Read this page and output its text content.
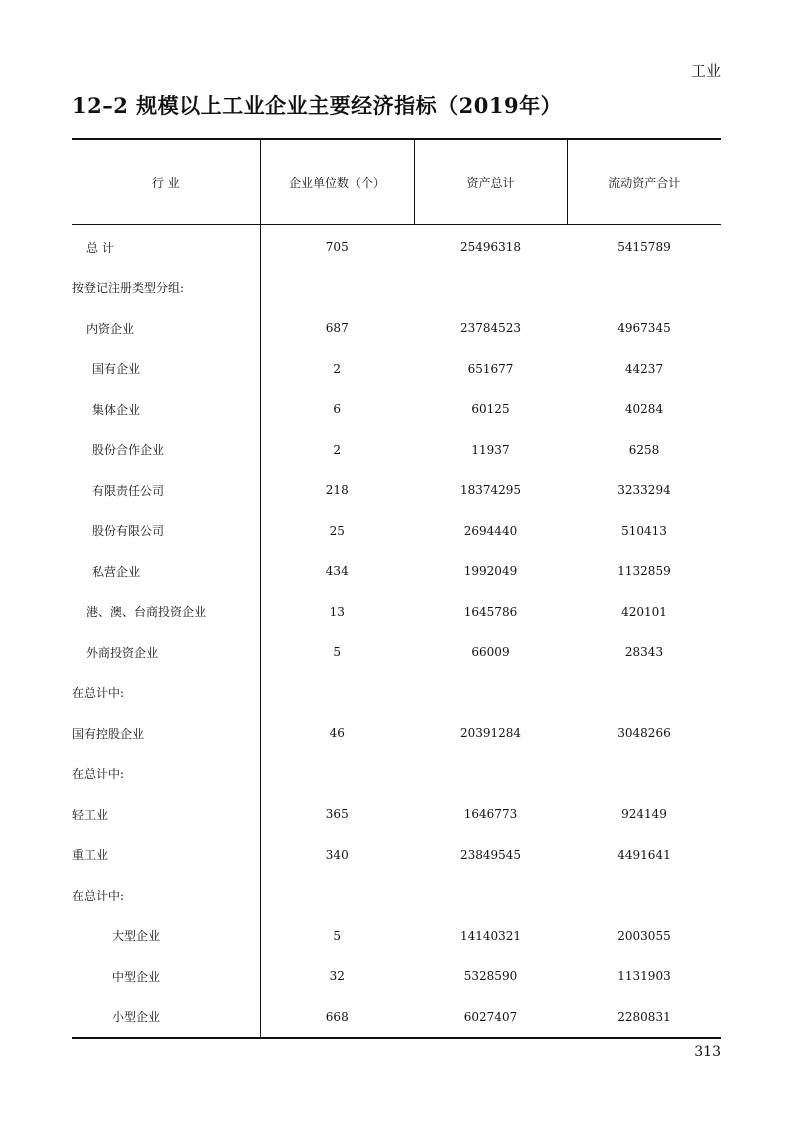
工业
12–2 规模以上工业企业主要经济指标（2019年）
行 业	企业单位数（个）	资产总计	流动资产合计
总 计	705	25496318	5415789
按登记注册类型分组:			
内资企业	687	23784523	4967345
国有企业	2	651677	44237
集体企业	6	60125	40284
股份合作企业	2	11937	6258
有限责任公司	218	18374295	3233294
股份有限公司	25	2694440	510413
私营企业	434	1992049	1132859
港、澳、台商投资企业	13	1645786	420101
外商投资企业	5	66009	28343
在总计中:			
国有控股企业	46	20391284	3048266
在总计中:			
轻工业	365	1646773	924149
重工业	340	23849545	4491641
在总计中:			
大型企业	5	14140321	2003055
中型企业	32	5328590	1131903
小型企业	668	6027407	2280831
313
